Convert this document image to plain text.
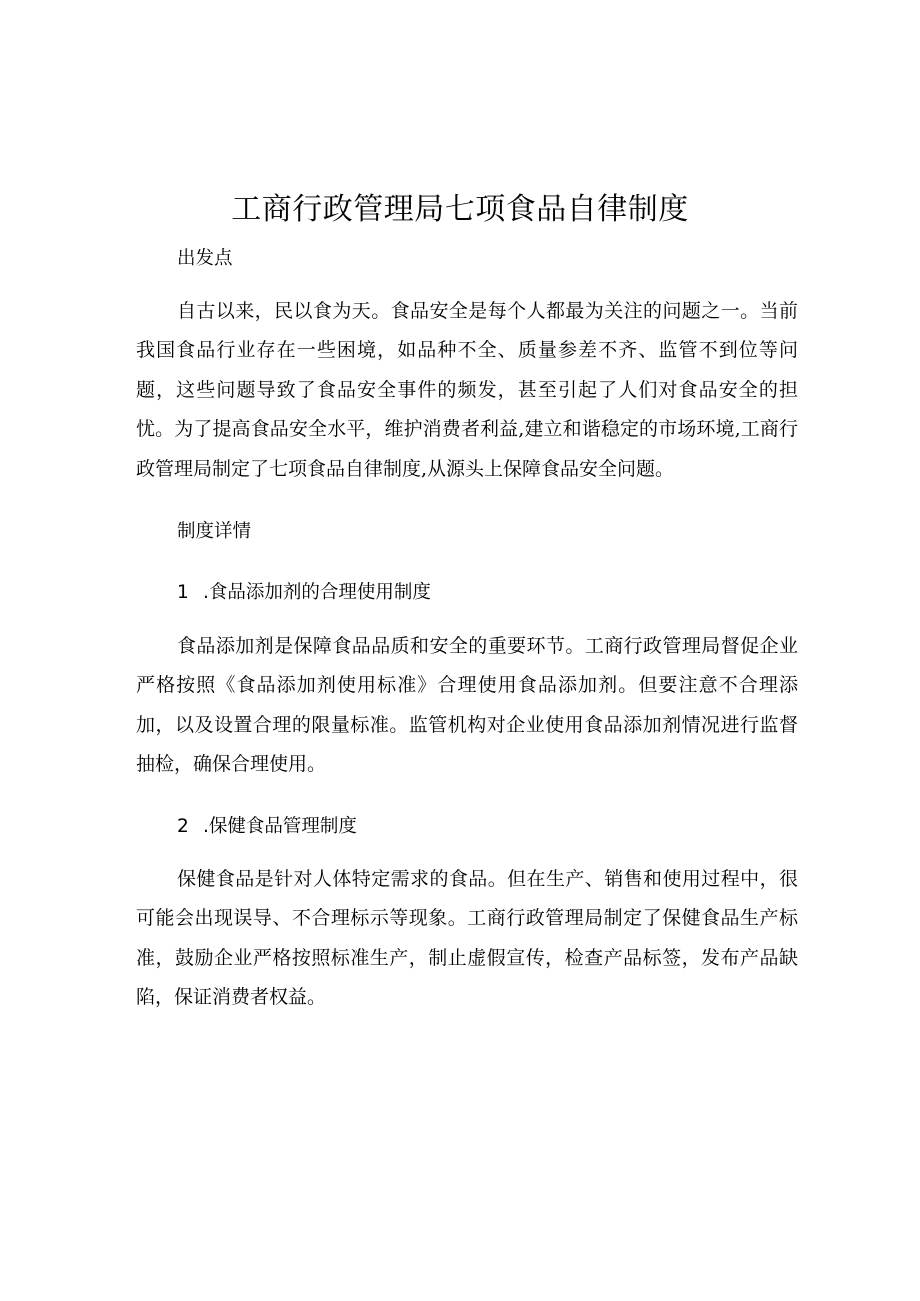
工商行政管理局七项食品自律制度
出发点

自古以来，民以食为天。食品安全是每个人都最为关注的问题之一。当前我国食品行业存在一些困境，如品种不全、质量参差不齐、监管不到位等问题，这些问题导致了食品安全事件的频发，甚至引起了人们对食品安全的担忧。为了提高食品安全水平，维护消费者利益,建立和谐稳定的市场环境,工商行政管理局制定了七项食品自律制度,从源头上保障食品安全问题。

制度详情
1 .食品添加剂的合理使用制度

食品添加剂是保障食品品质和安全的重要环节。工商行政管理局督促企业严格按照《食品添加剂使用标准》合理使用食品添加剂。但要注意不合理添加，以及设置合理的限量标准。监管机构对企业使用食品添加剂情况进行监督抽检，确保合理使用。

2 .保健食品管理制度

保健食品是针对人体特定需求的食品。但在生产、销售和使用过程中，很可能会出现误导、不合理标示等现象。工商行政管理局制定了保健食品生产标准，鼓励企业严格按照标准生产，制止虚假宣传，检查产品标签，发布产品缺陷，保证消费者权益。
